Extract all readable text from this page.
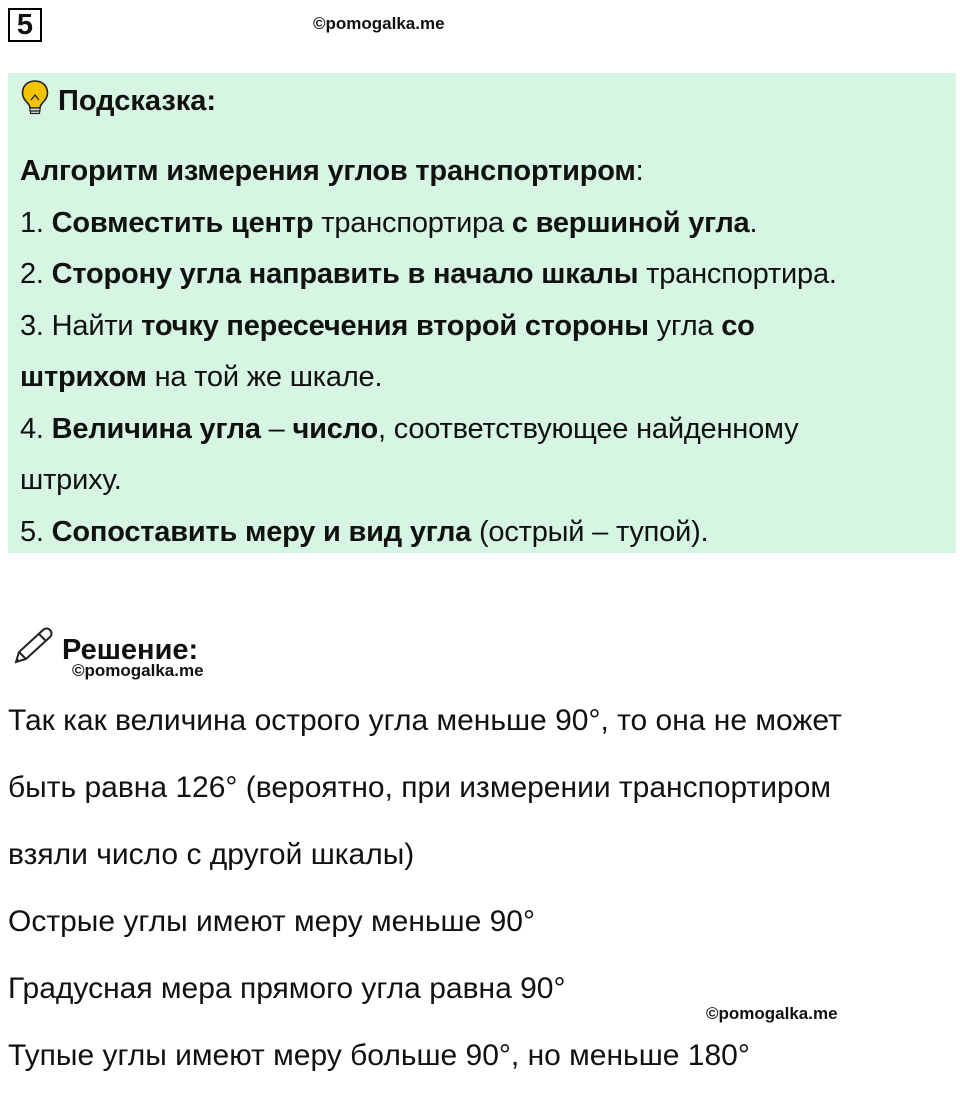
5	©pomogalka.me
Подсказка:
Алгоритм измерения углов транспортиром:
1. Совместить центр транспортира с вершиной угла.
2. Сторону угла направить в начало шкалы транспортира.
3. Найти точку пересечения второй стороны угла со
штрихом на той же шкале.
4. Величина угла – число, соответствующее найденному
штриху.
5. Сопоставить меру и вид угла (острый – тупой).
Решение:
©pomogalka.me
Так как величина острого угла меньше 90°, то она не может
быть равна 126° (вероятно, при измерении транспортиром
взяли число с другой шкалы)
Острые углы имеют меру меньше 90°
Градусная мера прямого угла равна 90°
Тупые углы имеют меру больше 90°, но меньше 180°
©pomogalka.me
